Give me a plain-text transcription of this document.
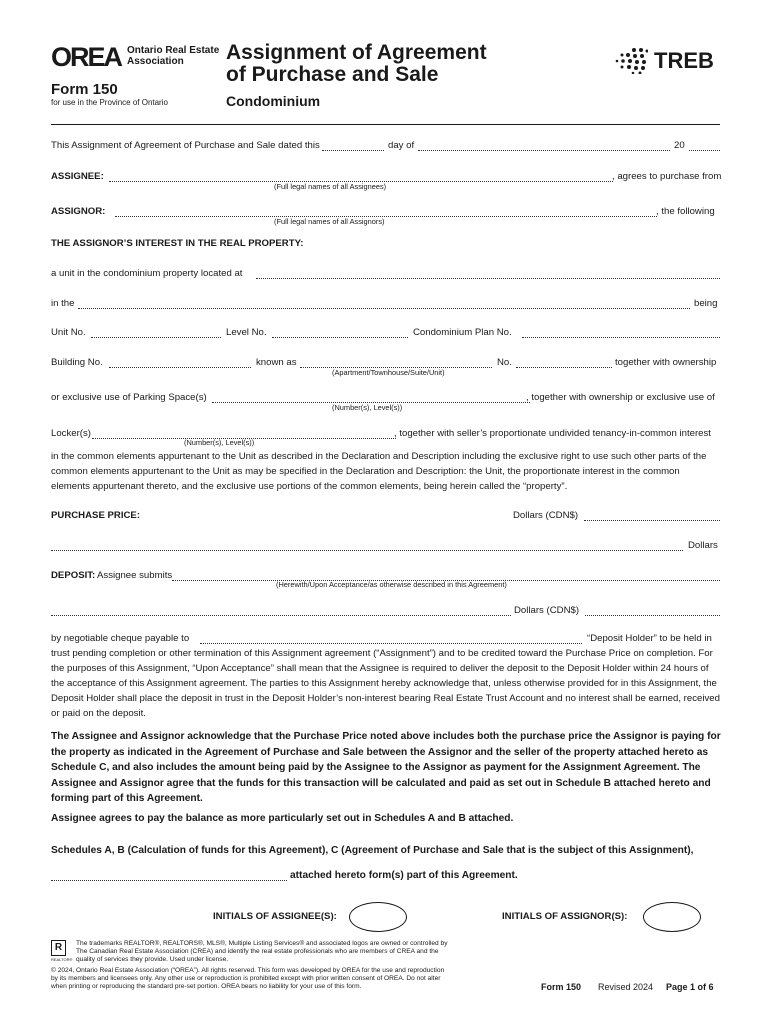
OREA Ontario Real Estate
Association
Form 150
for use in the Province of Ontario
Assignment of Agreement
of Purchase and Sale
Condominium
TREB
This Assignment of Agreement of Purchase and Sale dated this	day of	20
ASSIGNEE:	, agrees to purchase from
(Full legal names of all Assignees)
ASSIGNOR:	, the following
(Full legal names of all Assignors)
THE ASSIGNOR’S INTEREST IN THE REAL PROPERTY:
a unit in the condominium property located at
in the	being
Unit No.	Level No.	Condominium Plan No.
Building No.	known as	No.	together with ownership
(Apartment/Townhouse/Suite/Unit)
or exclusive use of Parking Space(s)	, together with ownership or exclusive use of
(Number(s), Level(s))
Locker(s)	, together with seller’s proportionate undivided tenancy-in-common interest
(Number(s), Level(s))
in the common elements appurtenant to the Unit as described in the Declaration and Description including the exclusive right to use such other parts of the common elements appurtenant to the Unit as may be specified in the Declaration and Description: the Unit, the proportionate interest in the common elements appurtenant thereto, and the exclusive use portions of the common elements, being herein called the “property”.
PURCHASE PRICE:	Dollars (CDN$)
Dollars
DEPOSIT: Assignee submits
(Herewith/Upon Acceptance/as otherwise described in this Agreement)
Dollars (CDN$)
by negotiable cheque payable to	“Deposit Holder” to be held in
trust pending completion or other termination of this Assignment agreement (“Assignment”) and to be credited toward the Purchase Price on completion. For the purposes of this Assignment, “Upon Acceptance” shall mean that the Assignee is required to deliver the deposit to the Deposit Holder within 24 hours of the acceptance of this Assignment agreement. The parties to this Assignment hereby acknowledge that, unless otherwise provided for in this Assignment, the Deposit Holder shall place the deposit in trust in the Deposit Holder’s non-interest bearing Real Estate Trust Account and no interest shall be earned, received or paid on the deposit.
The Assignee and Assignor acknowledge that the Purchase Price noted above includes both the purchase price the Assignor is paying for the property as indicated in the Agreement of Purchase and Sale between the Assignor and the seller of the property attached hereto as Schedule C, and also includes the amount being paid by the Assignee to the Assignor as payment for the Assignment Agreement. The Assignee and Assignor agree that the funds for this transaction will be calculated and paid as set out in Schedule B attached hereto and forming part of this Agreement.
Assignee agrees to pay the balance as more particularly set out in Schedules A and B attached.
Schedules A, B (Calculation of funds for this Agreement), C (Agreement of Purchase and Sale that is the subject of this Assignment),
attached hereto form(s) part of this Agreement.
INITIALS OF ASSIGNEE(S):	INITIALS OF ASSIGNOR(S):
R
REALTOR®
The trademarks REALTOR®, REALTORS®, MLS®, Multiple Listing Services® and associated logos are owned or controlled by
The Canadian Real Estate Association (CREA) and identify the real estate professionals who are members of CREA and the
quality of services they provide. Used under license.
© 2024, Ontario Real Estate Association (“OREA”). All rights reserved. This form was developed by OREA for the use and reproduction
by its members and licensees only. Any other use or reproduction is prohibited except with prior written consent of OREA. Do not alter
when printing or reproducing the standard pre-set portion. OREA bears no liability for your use of this form.	Form 150 Revised 2024 Page 1 of 6
